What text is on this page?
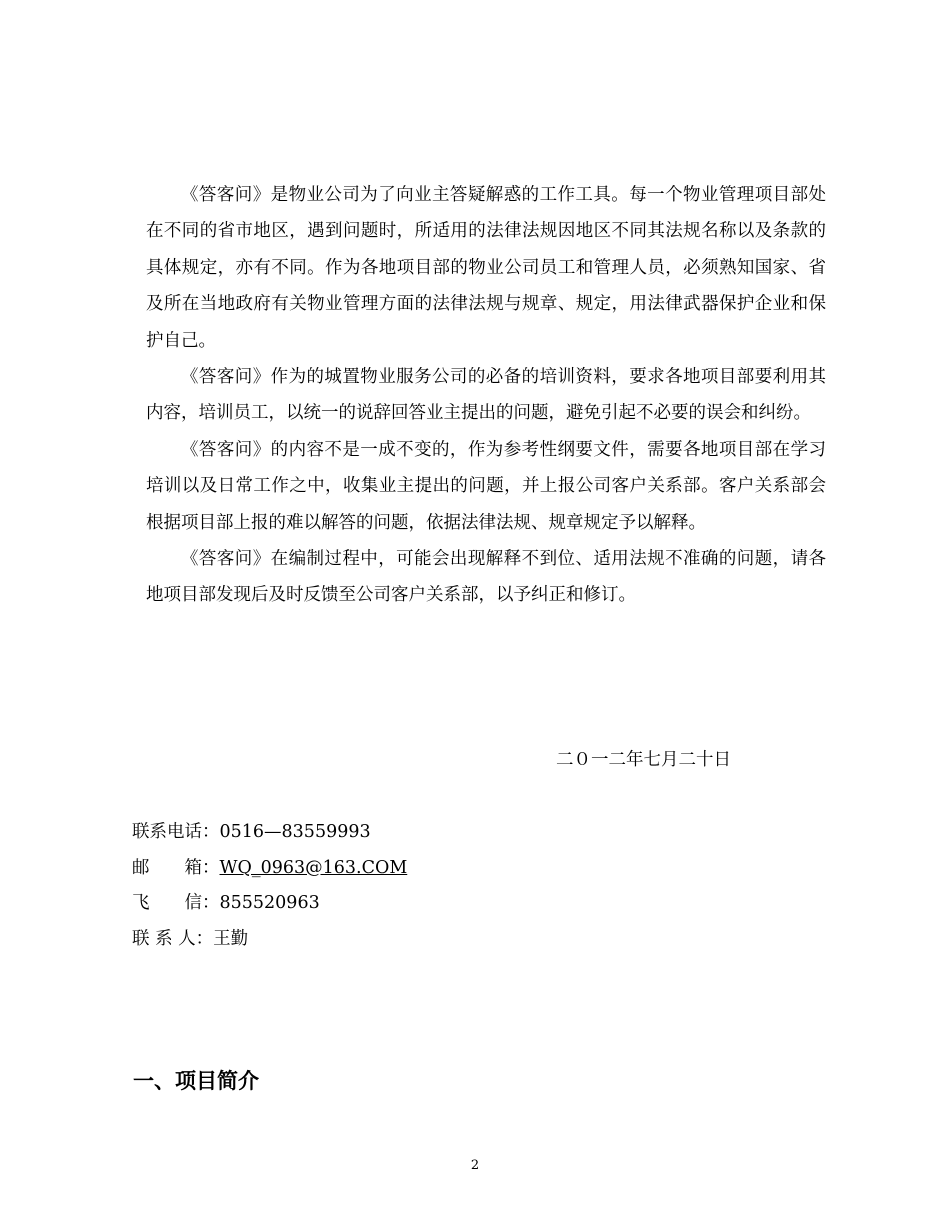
《答客问》是物业公司为了向业主答疑解惑的工作工具。每一个物业管理项目部处在不同的省市地区，遇到问题时，所适用的法律法规因地区不同其法规名称以及条款的具体规定，亦有不同。作为各地项目部的物业公司员工和管理人员，必须熟知国家、省及所在当地政府有关物业管理方面的法律法规与规章、规定，用法律武器保护企业和保护自己。

《答客问》作为的城置物业服务公司的必备的培训资料，要求各地项目部要利用其内容，培训员工，以统一的说辞回答业主提出的问题，避免引起不必要的误会和纠纷。

《答客问》的内容不是一成不变的，作为参考性纲要文件，需要各地项目部在学习培训以及日常工作之中，收集业主提出的问题，并上报公司客户关系部。客户关系部会根据项目部上报的难以解答的问题，依据法律法规、规章规定予以解释。

《答客问》在编制过程中，可能会出现解释不到位、适用法规不准确的问题，请各地项目部发现后及时反馈至公司客户关系部，以予纠正和修订。

二０一二年七月二十日
联系电话：0516—83559993
邮　　箱：WQ_0963@163.COM
飞　　信：855520963
联 系 人：王勤
一、项目简介
2
